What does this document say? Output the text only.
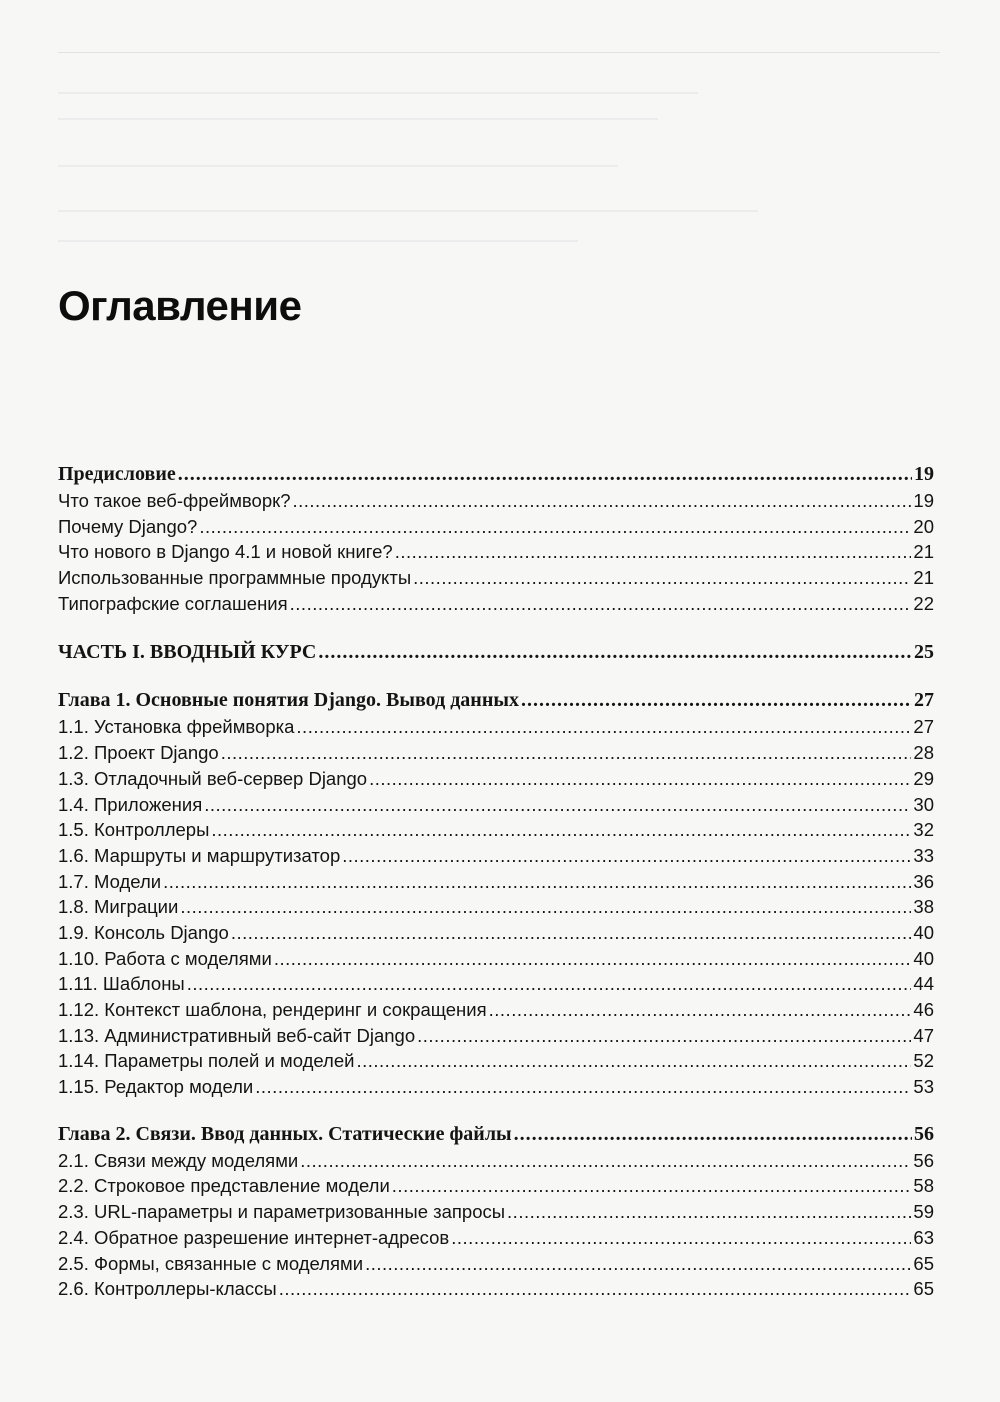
Оглавление
Предисловие .....	19
Что такое веб-фреймворк? .....	19
Почему Django? .....	20
Что нового в Django 4.1 и новой книге? .....	21
Использованные программные продукты .....	21
Типографские соглашения .....	22
ЧАСТЬ I. ВВОДНЫЙ КУРС .....	25
Глава 1. Основные понятия Django. Вывод данных .....	27
1.1. Установка фреймворка .....	27
1.2. Проект Django .....	28
1.3. Отладочный веб-сервер Django .....	29
1.4. Приложения .....	30
1.5. Контроллеры .....	32
1.6. Маршруты и маршрутизатор .....	33
1.7. Модели .....	36
1.8. Миграции .....	38
1.9. Консоль Django .....	40
1.10. Работа с моделями .....	40
1.11. Шаблоны .....	44
1.12. Контекст шаблона, рендеринг и сокращения .....	46
1.13. Административный веб-сайт Django .....	47
1.14. Параметры полей и моделей .....	52
1.15. Редактор модели .....	53
Глава 2. Связи. Ввод данных. Статические файлы .....	56
2.1. Связи между моделями .....	56
2.2. Строковое представление модели .....	58
2.3. URL-параметры и параметризованные запросы .....	59
2.4. Обратное разрешение интернет-адресов .....	63
2.5. Формы, связанные с моделями .....	65
2.6. Контроллеры-классы .....	65
